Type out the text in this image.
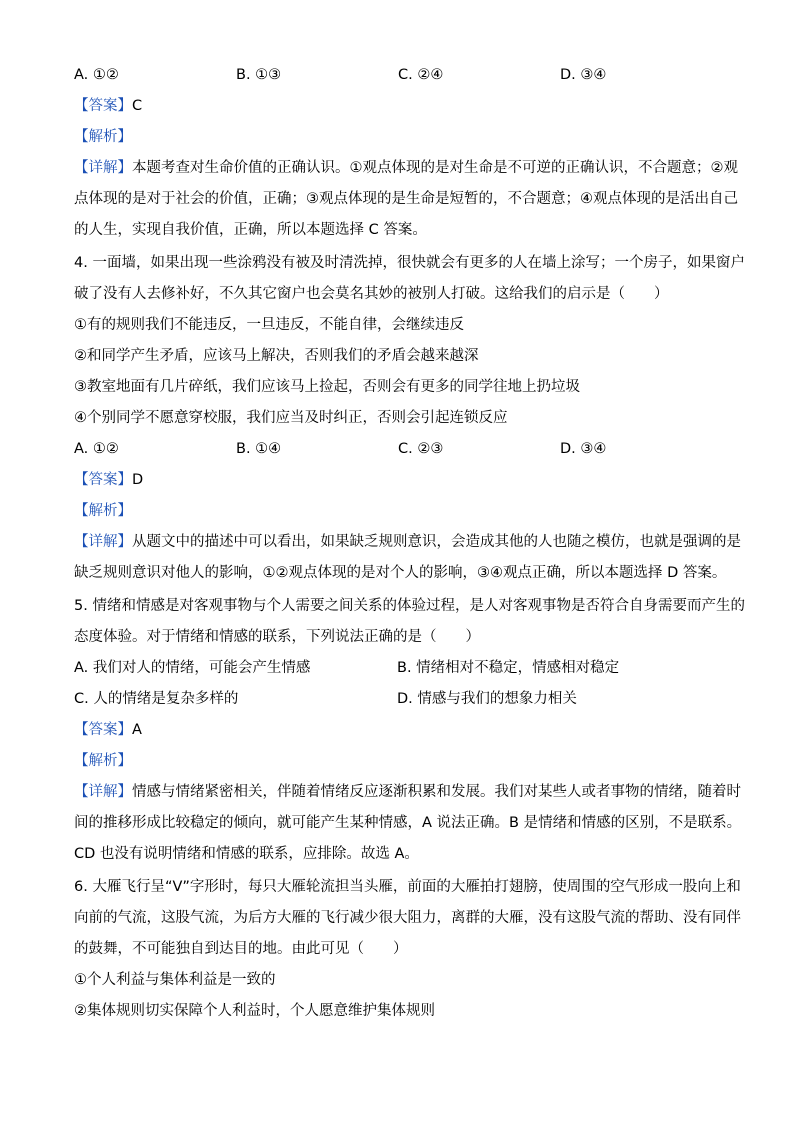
A. ①②	B. ①③	C. ②④	D. ③④
【答案】C
【解析】
【详解】本题考查对生命价值的正确认识。①观点体现的是对生命是不可逆的正确认识，不合题意；②观
点体现的是对于社会的价值，正确；③观点体现的是生命是短暂的，不合题意；④观点体现的是活出自己
的人生，实现自我价值，正确，所以本题选择 C 答案。
4. 一面墙，如果出现一些涂鸦没有被及时清洗掉，很快就会有更多的人在墙上涂写；一个房子，如果窗户
破了没有人去修补好，不久其它窗户也会莫名其妙的被别人打破。这给我们的启示是（　　）
①有的规则我们不能违反，一旦违反，不能自律，会继续违反
②和同学产生矛盾，应该马上解决，否则我们的矛盾会越来越深
③教室地面有几片碎纸，我们应该马上捡起，否则会有更多的同学往地上扔垃圾
④个别同学不愿意穿校服，我们应当及时纠正，否则会引起连锁反应
A. ①②	B. ①④	C. ②③	D. ③④
【答案】D
【解析】
【详解】从题文中的描述中可以看出，如果缺乏规则意识，会造成其他的人也随之模仿，也就是强调的是
缺乏规则意识对他人的影响，①②观点体现的是对个人的影响，③④观点正确，所以本题选择 D 答案。
5. 情绪和情感是对客观事物与个人需要之间关系的体验过程，是人对客观事物是否符合自身需要而产生的
态度体验。对于情绪和情感的联系，下列说法正确的是（　　）
A. 我们对人的情绪，可能会产生情感	B. 情绪相对不稳定，情感相对稳定
C. 人的情绪是复杂多样的	D. 情感与我们的想象力相关
【答案】A
【解析】
【详解】情感与情绪紧密相关，伴随着情绪反应逐渐积累和发展。我们对某些人或者事物的情绪，随着时
间的推移形成比较稳定的倾向，就可能产生某种情感，A 说法正确。B 是情绪和情感的区别，不是联系。
CD 也没有说明情绪和情感的联系，应排除。故选 A。
6. 大雁飞行呈“V”字形时，每只大雁轮流担当头雁，前面的大雁拍打翅膀，使周围的空气形成一股向上和
向前的气流，这股气流，为后方大雁的飞行减少很大阻力，离群的大雁，没有这股气流的帮助、没有同伴
的鼓舞，不可能独自到达目的地。由此可见（　　）
①个人利益与集体利益是一致的
②集体规则切实保障个人利益时，个人愿意维护集体规则
